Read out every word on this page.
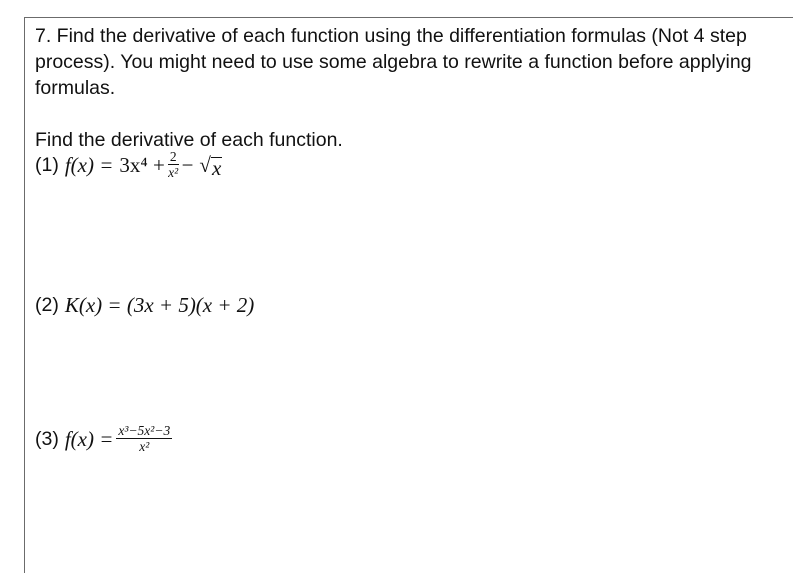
7. Find the derivative of each function using the differentiation formulas (Not 4 step process). You might need to use some algebra to rewrite a function before applying formulas.
Find the derivative of each function.
(1) $f(x) = 3x^4 + \frac{2}{\text{x²}}$ − √ x
(2) K(x) = (3x + 5)(x + 2)
(3) $f(x) = \frac{\text{x³−5x²−3}}{\text{x²}}$
